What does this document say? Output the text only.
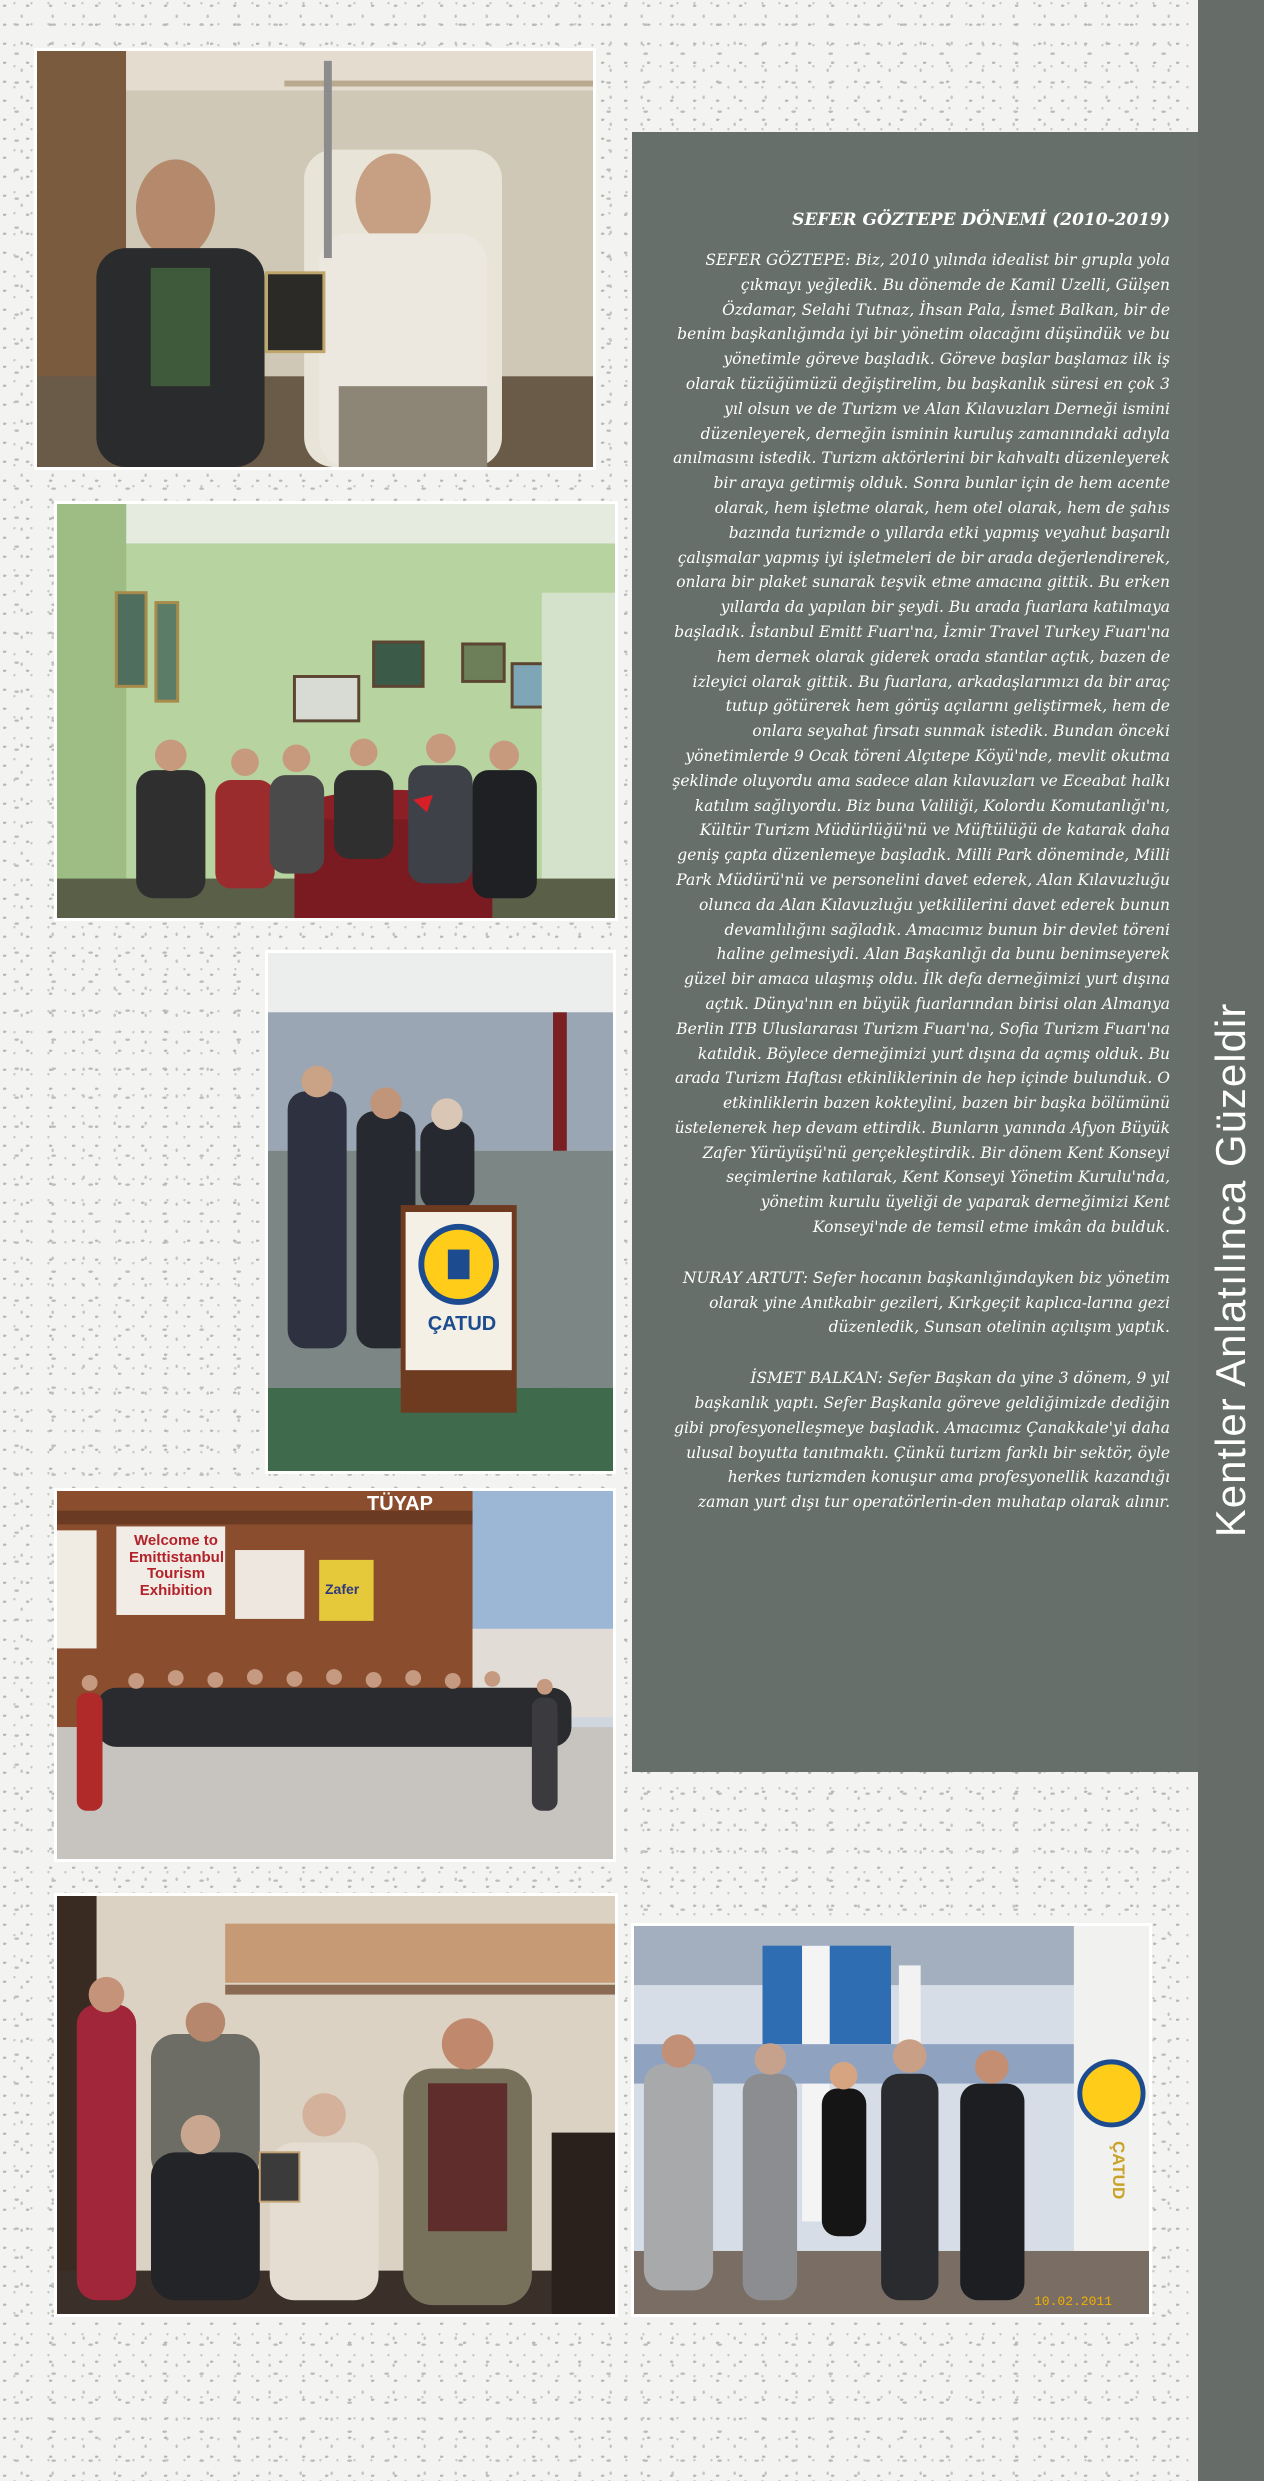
Kentler Anlatılınca Güzeldir
ÇATUD
Welcome to Emittistanbul Tourism Exhibition
TÜYAP
Zafer
ÇATUD
10.02.2011
SEFER GÖZTEPE DÖNEMİ (2010-2019)

SEFER GÖZTEPE: Biz, 2010 yılında idealist bir grupla yola çıkmayı yeğledik. Bu dönemde de Kamil Uzelli, Gülşen Özdamar, Selahi Tutnaz, İhsan Pala, İsmet Balkan, bir de benim başkanlığımda iyi bir yönetim olacağını düşündük ve bu yönetimle göreve başladık. Göreve başlar başlamaz ilk iş olarak tüzüğümüzü değiştirelim, bu başkanlık süresi en çok 3 yıl olsun ve de Turizm ve Alan Kılavuzları Derneği ismini düzenleyerek, derneğin isminin kuruluş zamanındaki adıyla anılmasını istedik. Turizm aktörlerini bir kahvaltı düzenleyerek bir araya getirmiş olduk. Sonra bunlar için de hem acente olarak, hem işletme olarak, hem otel olarak, hem de şahıs bazında turizmde o yıllarda etki yapmış veyahut başarılı çalışmalar yapmış iyi işletmeleri de bir arada değerlendirerek, onlara bir plaket sunarak teşvik etme amacına gittik. Bu erken yıllarda da yapılan bir şeydi. Bu arada fuarlara katılmaya başladık. İstanbul Emitt Fuarı'na, İzmir Travel Turkey Fuarı'na hem dernek olarak giderek orada stantlar açtık, bazen de izleyici olarak gittik. Bu fuarlara, arkadaşlarımızı da bir araç tutup götürerek hem görüş açılarını geliştirmek, hem de onlara seyahat fırsatı sunmak istedik. Bundan önceki yönetimlerde 9 Ocak töreni Alçıtepe Köyü'nde, mevlit okutma şeklinde oluyordu ama sadece alan kılavuzları ve Eceabat halkı katılım sağlıyordu. Biz buna Valiliği, Kolordu Komutanlığı'nı, Kültür Turizm Müdürlüğü'nü ve Müftülüğü de katarak daha geniş çapta düzenlemeye başladık. Milli Park döneminde, Milli Park Müdürü'nü ve personelini davet ederek, Alan Kılavuzluğu olunca da Alan Kılavuzluğu yetkililerini davet ederek bunun devamlılığını sağladık. Amacımız bunun bir devlet töreni haline gelmesiydi. Alan Başkanlığı da bunu benimseyerek güzel bir amaca ulaşmış oldu. İlk defa derneğimizi yurt dışına açtık. Dünya'nın en büyük fuarlarından birisi olan Almanya Berlin ITB Uluslararası Turizm Fuarı'na, Sofia Turizm Fuarı'na katıldık. Böylece derneğimizi yurt dışına da açmış olduk. Bu arada Turizm Haftası etkinliklerinin de hep içinde bulunduk. O etkinliklerin bazen kokteylini, bazen bir başka bölümünü üstelenerek hep devam ettirdik. Bunların yanında Afyon Büyük Zafer Yürüyüşü'nü gerçekleştirdik. Bir dönem Kent Konseyi seçimlerine katılarak, Kent Konseyi Yönetim Kurulu'nda, yönetim kurulu üyeliği de yaparak derneğimizi Kent Konseyi'nde de temsil etme imkân da bulduk.

NURAY ARTUT: Sefer hocanın başkanlığındayken biz yönetim olarak yine Anıtkabir gezileri, Kırkgeçit kaplıca-larına gezi düzenledik, Sunsan otelinin açılışım yaptık.

İSMET BALKAN: Sefer Başkan da yine 3 dönem, 9 yıl başkanlık yaptı. Sefer Başkanla göreve geldiğimizde dediğin gibi profesyonelleşmeye başladık. Amacımız Çanakkale'yi daha ulusal boyutta tanıtmaktı. Çünkü turizm farklı bir sektör, öyle herkes turizmden konuşur ama profesyonellik kazandığı zaman yurt dışı tur operatörlerin-den muhatap olarak alınır.
